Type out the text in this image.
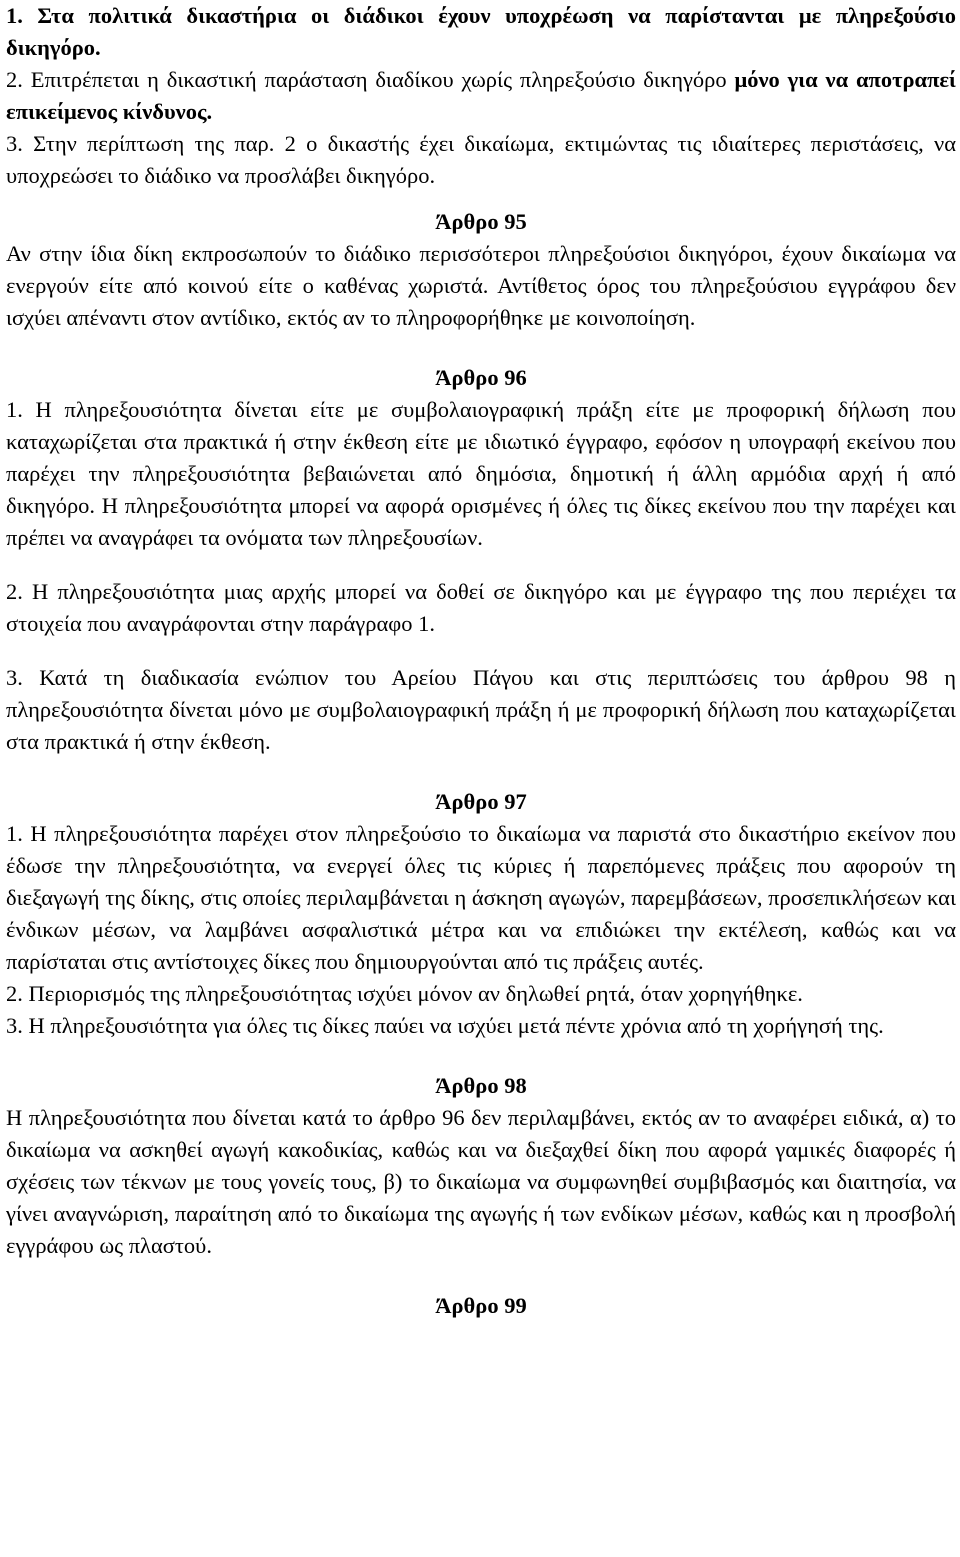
1. Στα πολιτικά δικαστήρια οι διάδικοι έχουν υποχρέωση να παρίστανται με πληρεξούσιο δικηγόρο.

2. Επιτρέπεται η δικαστική παράσταση διαδίκου χωρίς πληρεξούσιο δικηγόρο μόνο για να αποτραπεί επικείμενος κίνδυνος.

3. Στην περίπτωση της παρ. 2 ο δικαστής έχει δικαίωμα, εκτιμώντας τις ιδιαίτερες περιστάσεις, να υποχρεώσει το διάδικο να προσλάβει δικηγόρο.

Άρθρο 95

Αν στην ίδια δίκη εκπροσωπούν το διάδικο περισσότεροι πληρεξούσιοι δικηγόροι, έχουν δικαίωμα να ενεργούν είτε από κοινού είτε ο καθένας χωριστά. Αντίθετος όρος του πληρεξούσιου εγγράφου δεν ισχύει απέναντι στον αντίδικο, εκτός αν το πληροφορήθηκε με κοινοποίηση.

Άρθρο 96

1. Η πληρεξουσιότητα δίνεται είτε με συμβολαιογραφική πράξη είτε με προφορική δήλωση που καταχωρίζεται στα πρακτικά ή στην έκθεση είτε με ιδιωτικό έγγραφο, εφόσον η υπογραφή εκείνου που παρέχει την πληρεξουσιότητα βεβαιώνεται από δημόσια, δημοτική ή άλλη αρμόδια αρχή ή από δικηγόρο. Η πληρεξουσιότητα μπορεί να αφορά ορισμένες ή όλες τις δίκες εκείνου που την παρέχει και πρέπει να αναγράφει τα ονόματα των πληρεξουσίων.

2. Η πληρεξουσιότητα μιας αρχής μπορεί να δοθεί σε δικηγόρο και με έγγραφο της που περιέχει τα στοιχεία που αναγράφονται στην παράγραφο 1.

3. Κατά τη διαδικασία ενώπιον του Αρείου Πάγου και στις περιπτώσεις του άρθρου 98 η πληρεξουσιότητα δίνεται μόνο με συμβολαιογραφική πράξη ή με προφορική δήλωση που καταχωρίζεται στα πρακτικά ή στην έκθεση.

Άρθρο 97

1. Η πληρεξουσιότητα παρέχει στον πληρεξούσιο το δικαίωμα να παριστά στο δικαστήριο εκείνον που έδωσε την πληρεξουσιότητα, να ενεργεί όλες τις κύριες ή παρεπόμενες πράξεις που αφορούν τη διεξαγωγή της δίκης, στις οποίες περιλαμβάνεται η άσκηση αγωγών, παρεμβάσεων, προσεπικλήσεων και ένδικων μέσων, να λαμβάνει ασφαλιστικά μέτρα και να επιδιώκει την εκτέλεση, καθώς και να παρίσταται στις αντίστοιχες δίκες που δημιουργούνται από τις πράξεις αυτές.

2. Περιορισμός της πληρεξουσιότητας ισχύει μόνον αν δηλωθεί ρητά, όταν χορηγήθηκε.

3. Η πληρεξουσιότητα για όλες τις δίκες παύει να ισχύει μετά πέντε χρόνια από τη χορήγησή της.

Άρθρο 98

Η πληρεξουσιότητα που δίνεται κατά το άρθρο 96 δεν περιλαμβάνει, εκτός αν το αναφέρει ειδικά, α) το δικαίωμα να ασκηθεί αγωγή κακοδικίας, καθώς και να διεξαχθεί δίκη που αφορά γαμικές διαφορές ή σχέσεις των τέκνων με τους γονείς τους, β) το δικαίωμα να συμφωνηθεί συμβιβασμός και διαιτησία, να γίνει αναγνώριση, παραίτηση από το δικαίωμα της αγωγής ή των ενδίκων μέσων, καθώς και η προσβολή εγγράφου ως πλαστού.

Άρθρο 99
